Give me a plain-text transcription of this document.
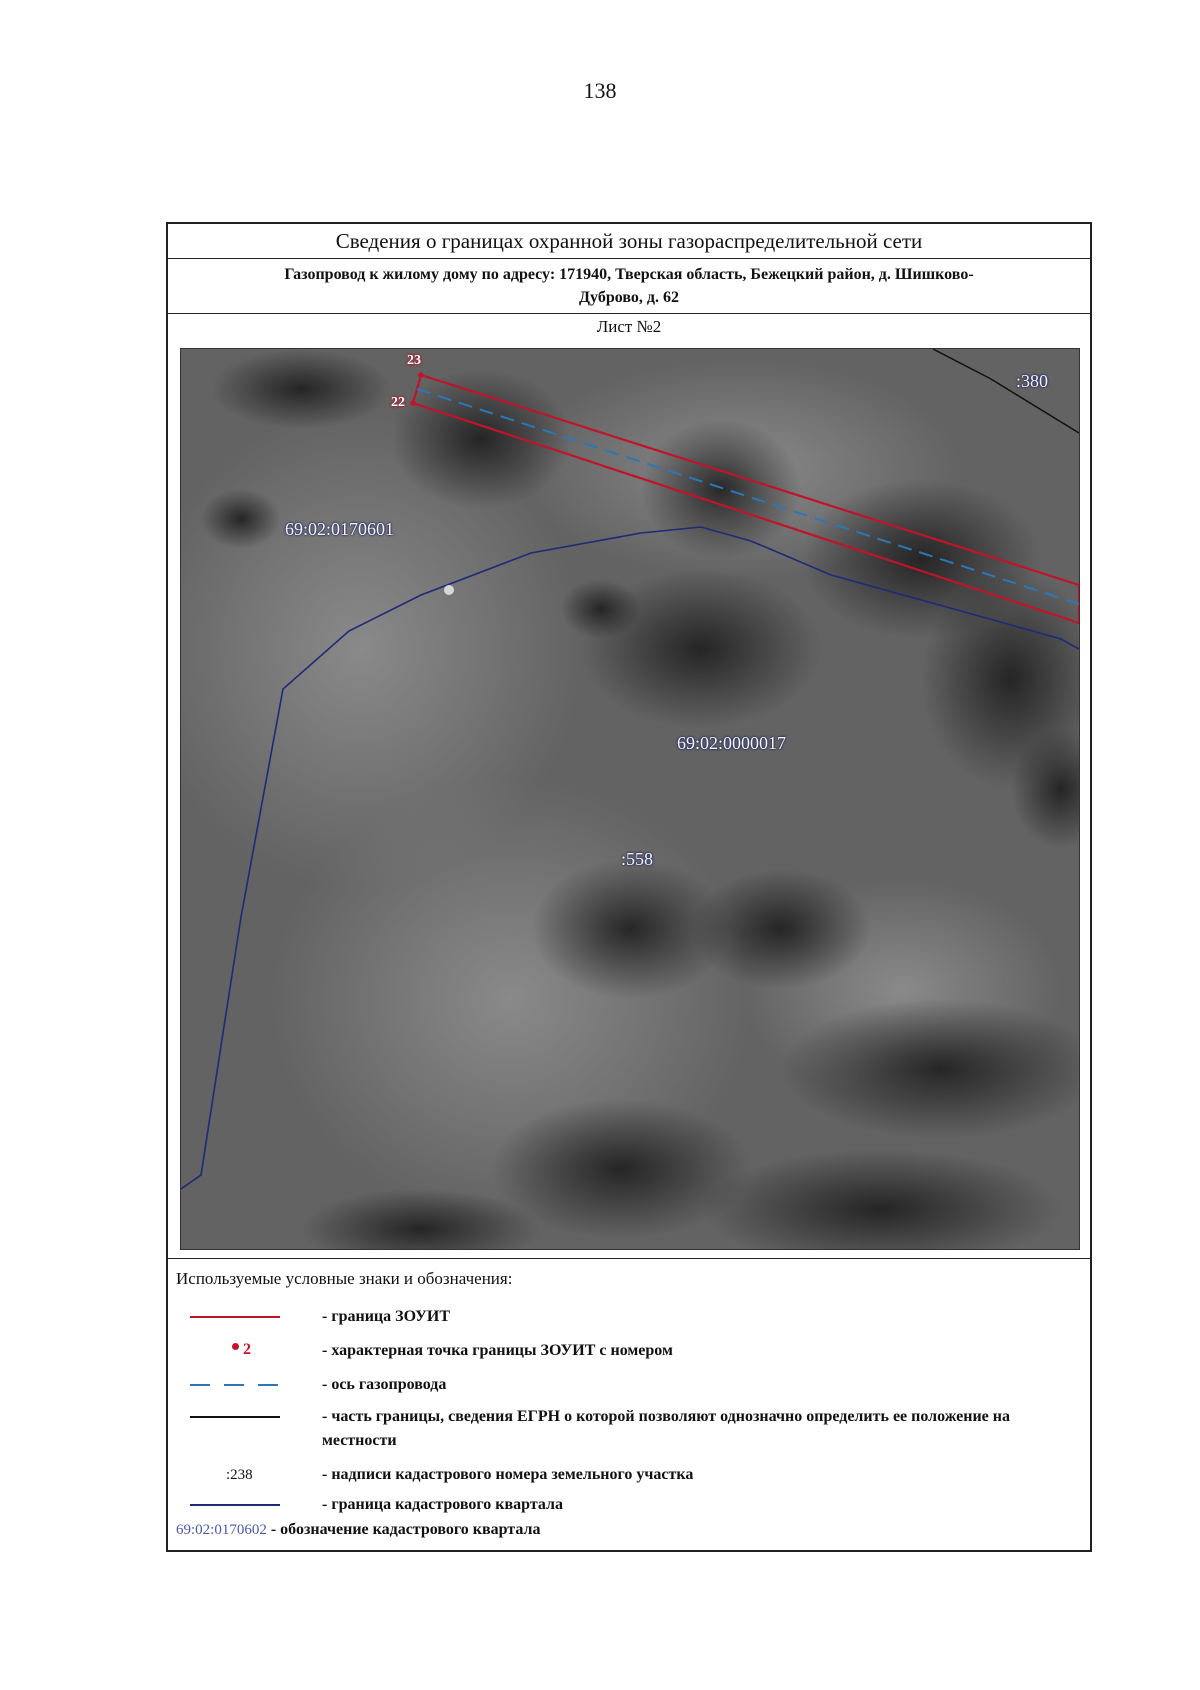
138
Сведения о границах охранной зоны газораспределительной сети
Газопровод к жилому дому по адресу: 171940, Тверская область, Бежецкий район, д. Шишково-
Дуброво, д. 62
Лист №2
23
22
:380
69:02:0170601
69:02:0000017
:558
Используемые условные знаки и обозначения:
- граница ЗОУИТ
2	- характерная точка границы ЗОУИТ с номером
- ось газопровода
- часть границы, сведения ЕГРН о которой позволяют однозначно определить ее положение на местности
:238	- надписи кадастрового номера земельного участка
- граница кадастрового квартала
69:02:0170602 - обозначение кадастрового квартала
